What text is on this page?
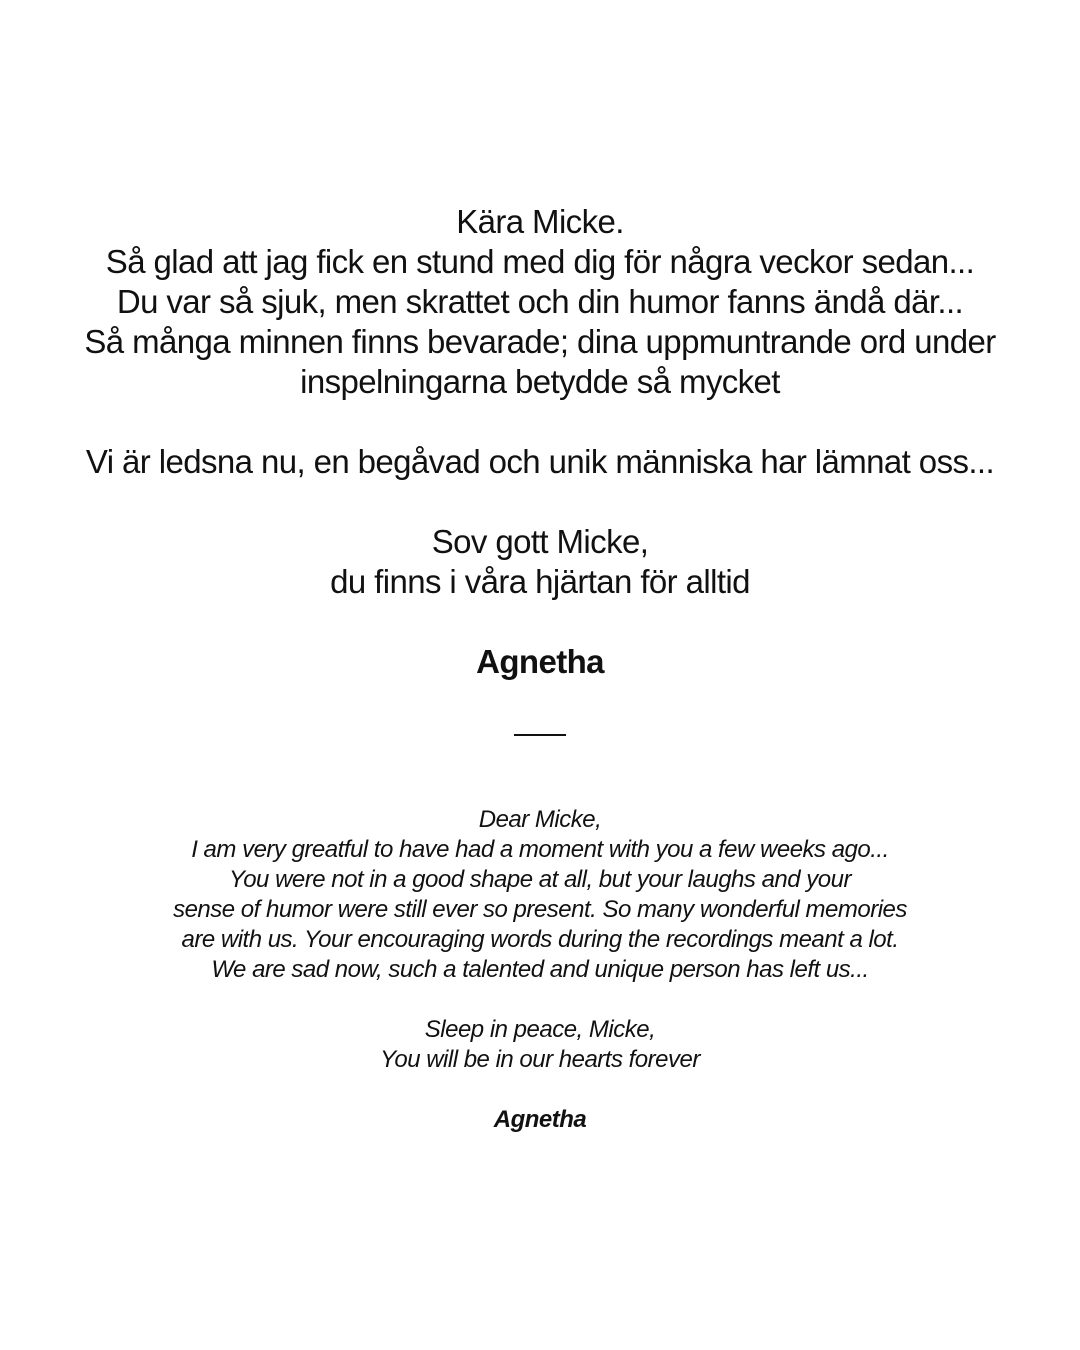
Kära Micke.
Så glad att jag fick en stund med dig för några veckor sedan...
Du var så sjuk, men skrattet och din humor fanns ändå där...
Så många minnen finns bevarade; dina uppmuntrande ord under
inspelningarna betydde så mycket
Vi är ledsna nu, en begåvad och unik människa har lämnat oss...
Sov gott Micke,
du finns i våra hjärtan för alltid
Agnetha
Dear Micke,
I am very greatful to have had a moment with you a few weeks ago...
You were not in a good shape at all, but your laughs and your
sense of humor were still ever so present. So many wonderful memories
are with us. Your encouraging words during the recordings meant a lot.
We are sad now, such a talented and unique person has left us...
Sleep in peace, Micke,
You will be in our hearts forever
Agnetha
